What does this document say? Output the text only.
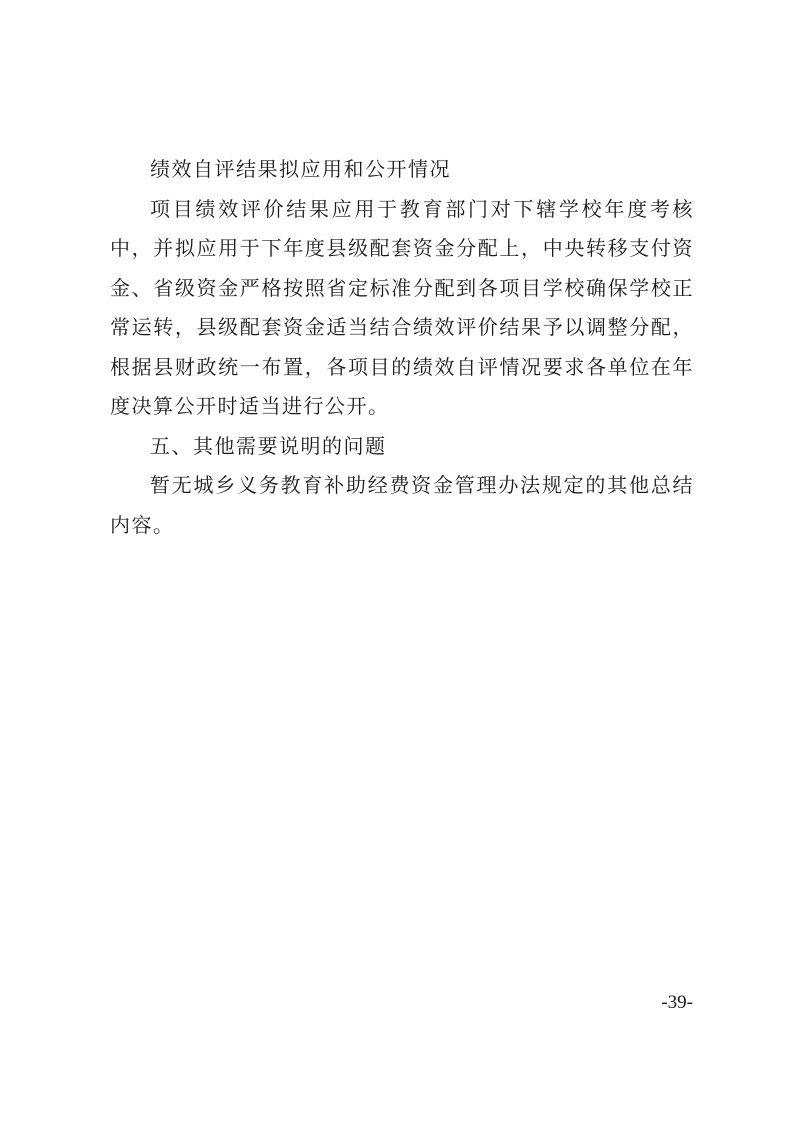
绩效自评结果拟应用和公开情况

项目绩效评价结果应用于教育部门对下辖学校年度考核中，并拟应用于下年度县级配套资金分配上，中央转移支付资金、省级资金严格按照省定标准分配到各项目学校确保学校正常运转，县级配套资金适当结合绩效评价结果予以调整分配，根据县财政统一布置，各项目的绩效自评情况要求各单位在年度决算公开时适当进行公开。

五、其他需要说明的问题

暂无城乡义务教育补助经费资金管理办法规定的其他总结内容。

-39-
